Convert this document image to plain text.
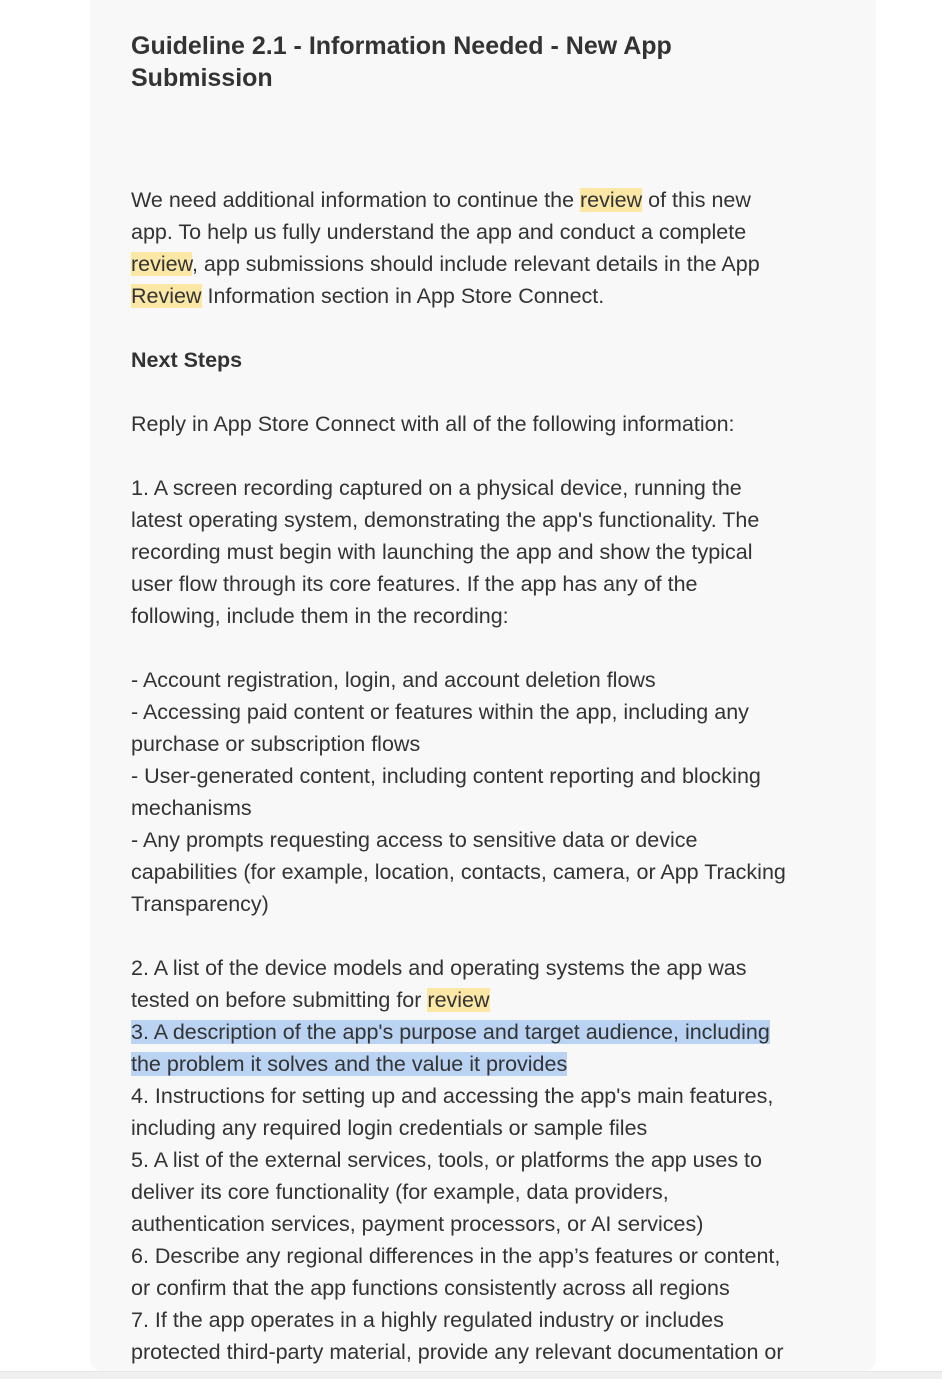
Guideline 2.1 - Information Needed - New App Submission
We need additional information to continue the review of this new
app. To help us fully understand the app and conduct a complete
review, app submissions should include relevant details in the App
Review Information section in App Store Connect.
Next Steps
Reply in App Store Connect with all of the following information:
1. A screen recording captured on a physical device, running the
latest operating system, demonstrating the app's functionality. The
recording must begin with launching the app and show the typical
user flow through its core features. If the app has any of the
following, include them in the recording:
- Account registration, login, and account deletion flows
- Accessing paid content or features within the app, including any
purchase or subscription flows
- User-generated content, including content reporting and blocking
mechanisms
- Any prompts requesting access to sensitive data or device
capabilities (for example, location, contacts, camera, or App Tracking
Transparency)
2. A list of the device models and operating systems the app was
tested on before submitting for review
3. A description of the app's purpose and target audience, including
the problem it solves and the value it provides
4. Instructions for setting up and accessing the app's main features,
including any required login credentials or sample files
5. A list of the external services, tools, or platforms the app uses to
deliver its core functionality (for example, data providers,
authentication services, payment processors, or AI services)
6. Describe any regional differences in the app’s features or content,
or confirm that the app functions consistently across all regions
7. If the app operates in a highly regulated industry or includes
protected third-party material, provide any relevant documentation or
